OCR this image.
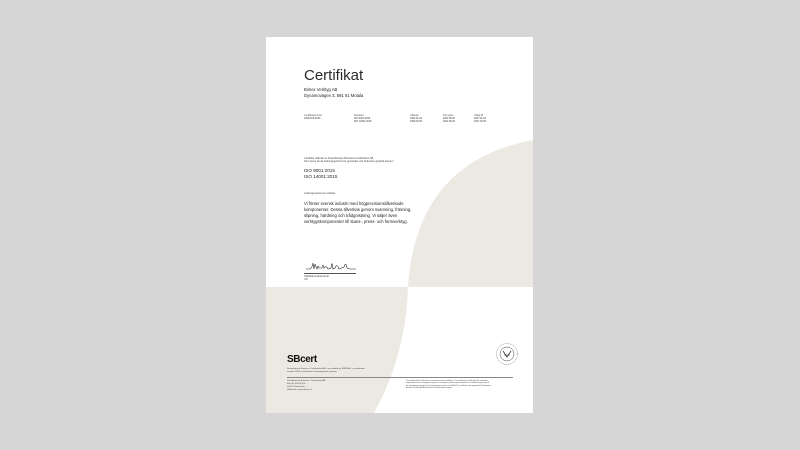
Certifikat
Bimex Verktyg AB
Dynamovägen 3, 591 61 Motala
Certifikatnummer
10263 FB 1000
Standard
ISO 9001:2015
ISO 14001:2015
Utfärdat
1992.01.24
1999.03.06
Förnyelse
2022.06.20
2022.06.20
Giltigt till
2027.01.24
2027.03.06
Certifikat utfärdat av Scandinavian Business Certification AB.
Som bevis att de ledningssystem har granskats och befunnits uppfylla kraven i
ISO 9001:2015
ISO 14001:2015
Ledningssystemet omfattar:
Vi förser svensk industri med högprecisionstillverkade
komponenter. Dessa tillverkas genom svarvning, fräsning,
slipning, härdning och trådgnistning. Vi säljer även
verktygskomponenter till stans-, press- och formverktyg.
Utfärdat/undertecknat
VD
SBcert
Scandinavian Business Certification AB is accredited by SWEDAC, accreditation
number 1859, certification of management systems.
Scandinavian Business Certification AB
Box 49, 400 00 Tel: ...
106 81 Stockholm, ...
Webbsida: www.sbcert.se
The validity of the certification is checked at annual surveillance. The certification is valid only if the standards
requirements for the management system. In accordance with the given standard, the certified company and all
the management system. For the management system are fulfilled. The certificate is the property of Scandinavian
Business Certification AB and must be returned upon request.
